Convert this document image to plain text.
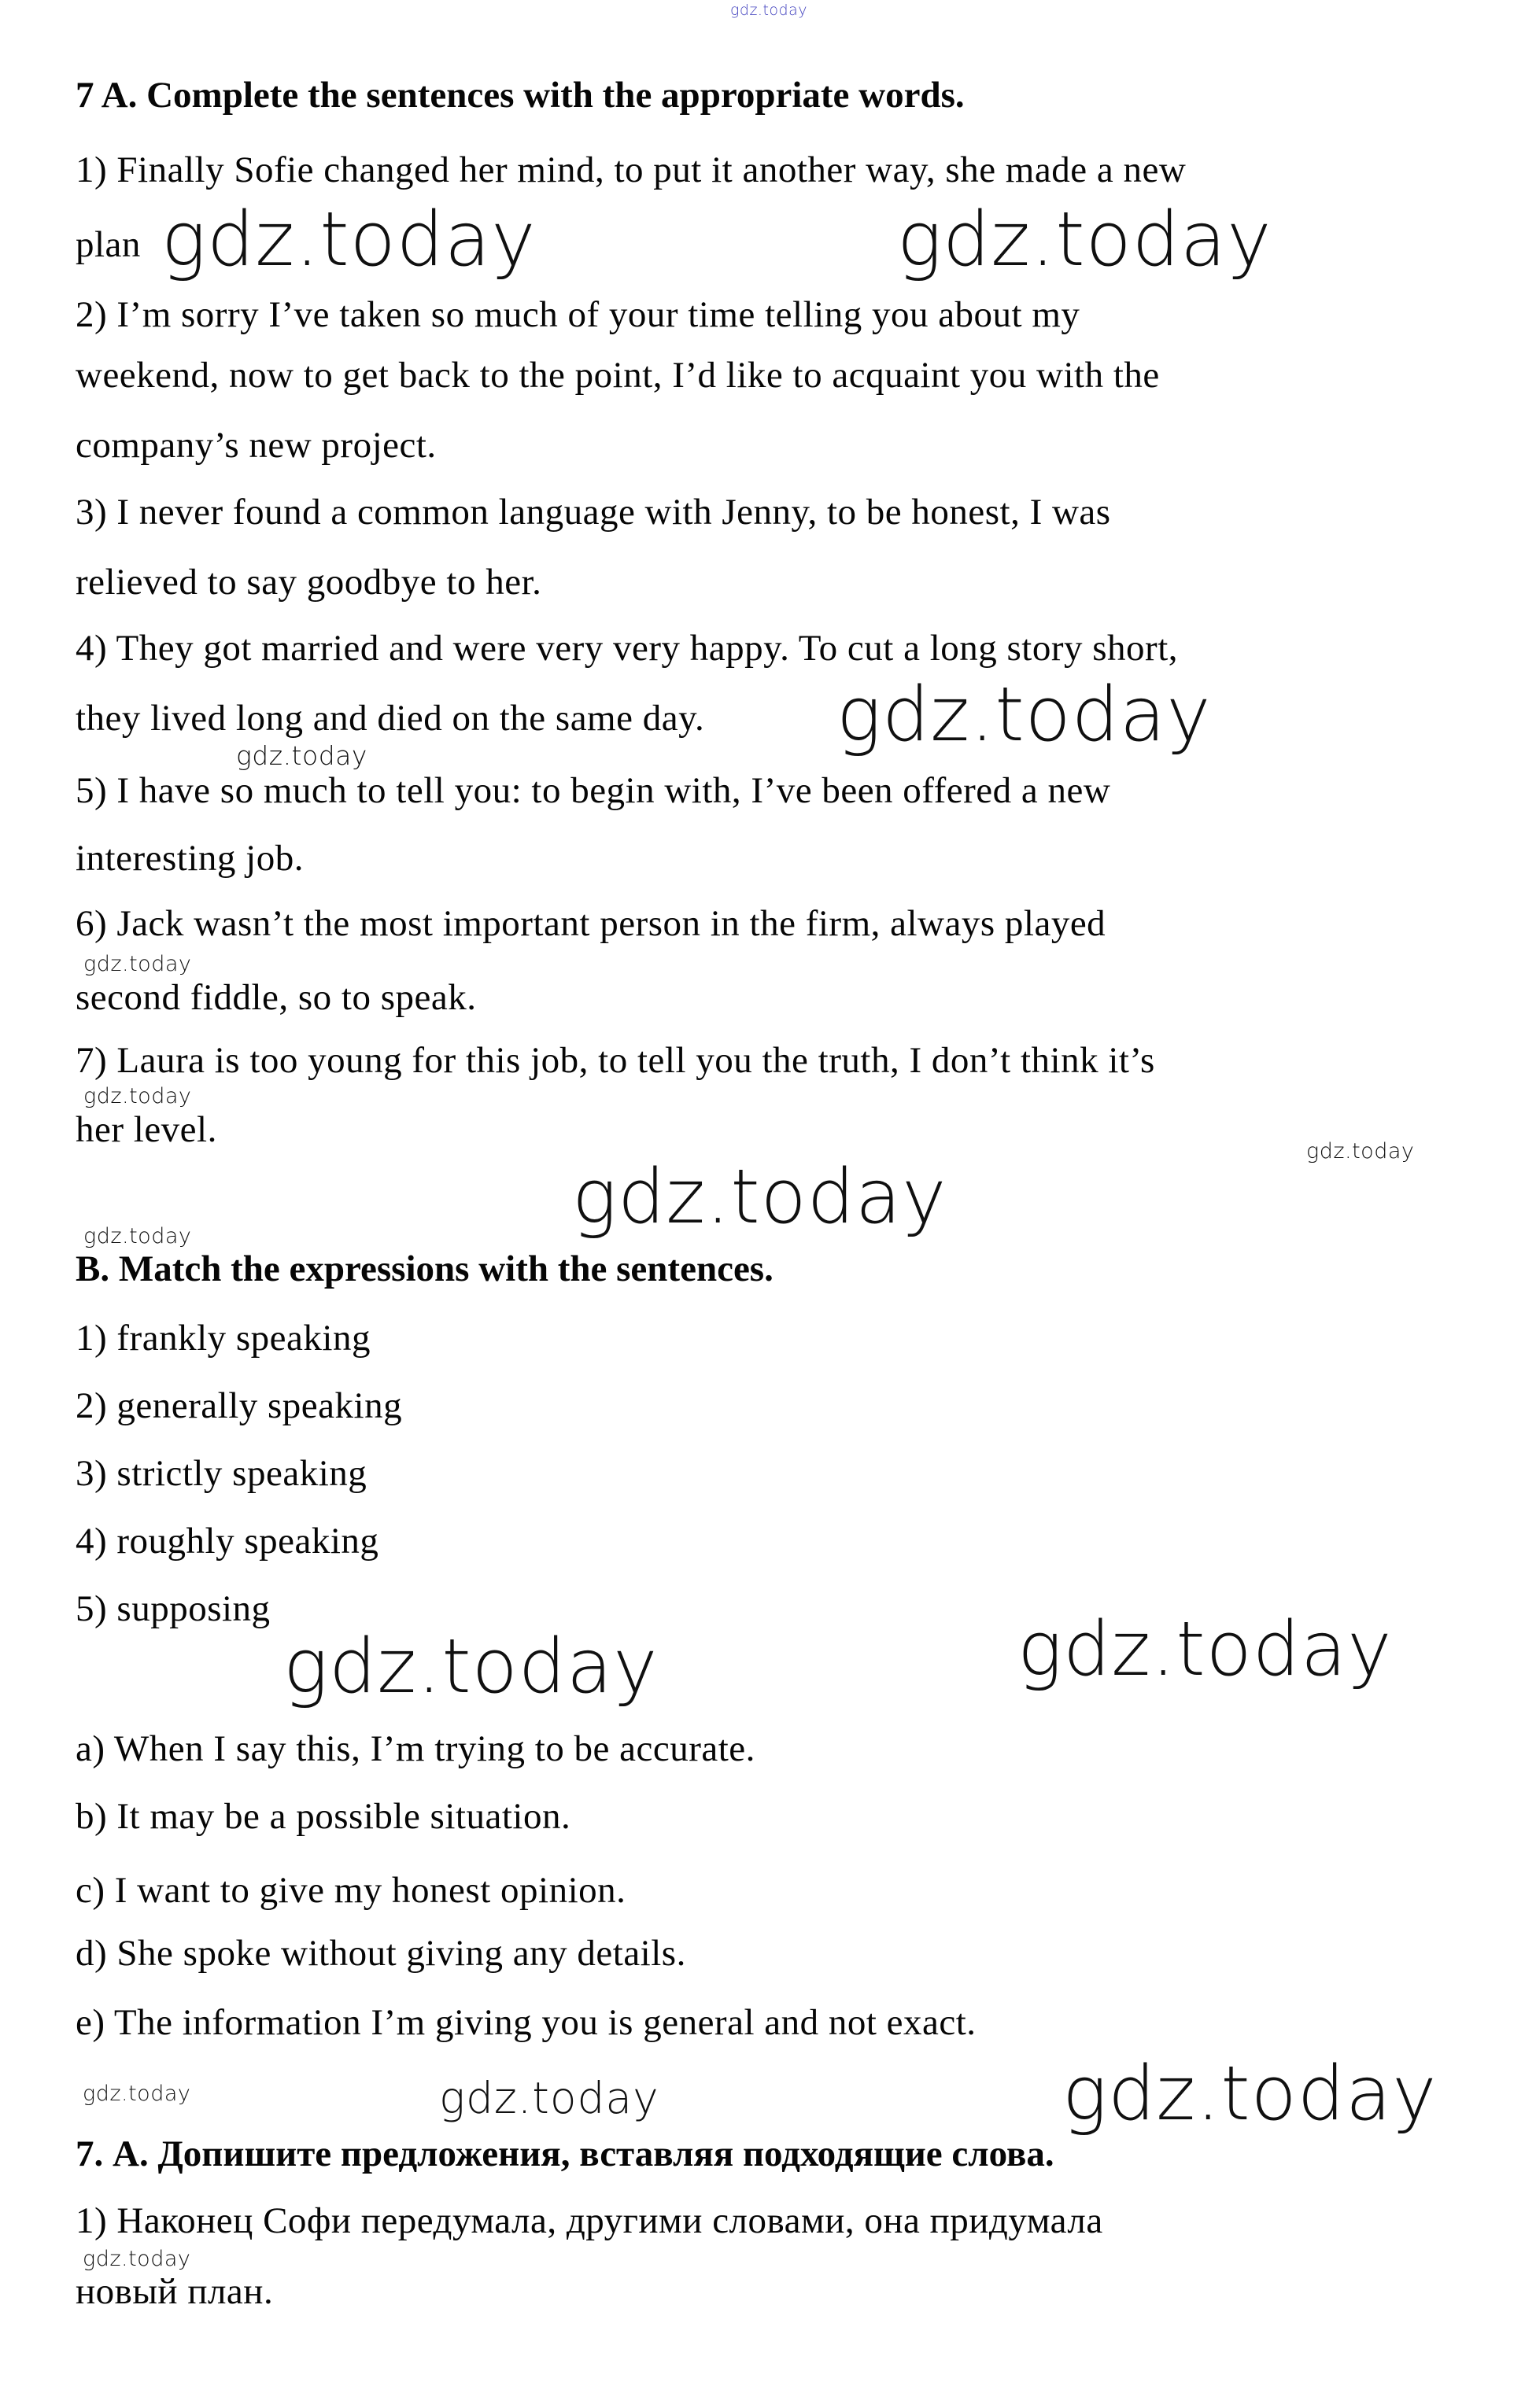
gdz.today
7 A. Complete the sentences with the appropriate words.
1) Finally Sofie changed her mind, to put it another way, she made a new
plan gdz.today	gdz.today
2) I’m sorry I’ve taken so much of your time telling you about my
weekend, now to get back to the point, I’d like to acquaint you with the
company’s new project.
3) I never found a common language with Jenny, to be honest, I was
relieved to say goodbye to her.
4) They got married and were very very happy. To cut a long story short,
they lived long and died on the same day. gdz.today
gdz.today
5) I have so much to tell you: to begin with, I’ve been offered a new
interesting job.
6) Jack wasn’t the most important person in the firm, always played
gdz.today
second fiddle, so to speak.
7) Laura is too young for this job, to tell you the truth, I don’t think it’s
gdz.today
her level.
gdz.today
gdz.today
gdz.today
B. Match the expressions with the sentences.
1) frankly speaking
2) generally speaking
3) strictly speaking
4) roughly speaking
5) supposing
gdz.today	gdz.today
a) When I say this, I’m trying to be accurate.
b) It may be a possible situation.
c) I want to give my honest opinion.
d) She spoke without giving any details.
e) The information I’m giving you is general and not exact.
gdz.today	gdz.today	gdz.today
7. А. Допишите предложения, вставляя подходящие слова.
1) Наконец Софи передумала, другими словами, она придумала
gdz.today
новый план.
